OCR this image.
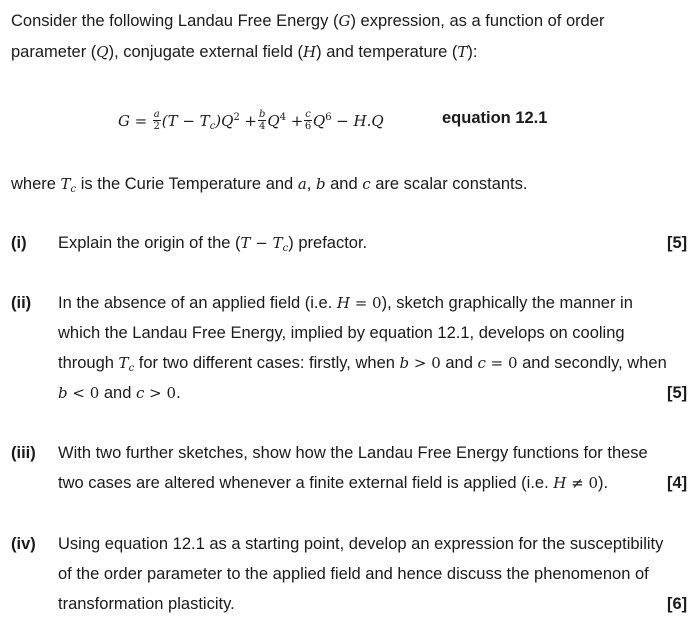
Consider the following Landau Free Energy (G) expression, as a function of order
parameter (Q), conjugate external field (H) and temperature (T):
$G = \frac{a}{2} (T - T_c)Q^2 + \frac{b}{4} Q^4 + \frac{c}{6} Q^6 - H.Q$	equation 12.1
where $T_c$ is the Curie Temperature and a, b and c are scalar constants.
(i) Explain the origin of the $(T - T_c)$ prefactor.	[5]
(ii) In the absence of an applied field (i.e. H = 0), sketch graphically the manner in
which the Landau Free Energy, implied by equation 12.1, develops on cooling
through $T_c$ for two different cases: firstly, when b > 0 and c = 0 and secondly, when
b < 0 and c > 0.	[5]
(iii) With two further sketches, show how the Landau Free Energy functions for these
two cases are altered whenever a finite external field is applied (i.e. H ≠ 0).	[4]
(iv) Using equation 12.1 as a starting point, develop an expression for the susceptibility
of the order parameter to the applied field and hence discuss the phenomenon of
transformation plasticity.	[6]
